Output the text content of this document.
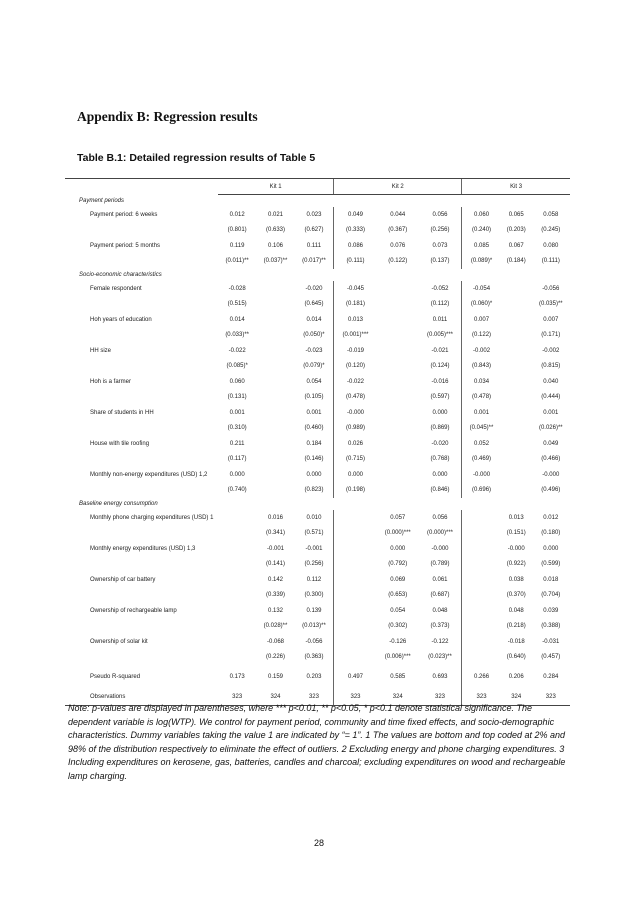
Appendix B: Regression results
Table B.1: Detailed regression results of Table 5
	Kit 1			Kit 2			Kit 3		
Payment periods									
Payment period: 6 weeks	0.012	0.021	0.023	0.049	0.044	0.056	0.060	0.065	0.058
	(0.801)	(0.633)	(0.627)	(0.333)	(0.367)	(0.256)	(0.240)	(0.203)	(0.245)
Payment period: 5 months	0.119	0.106	0.111	0.086	0.076	0.073	0.085	0.067	0.080
	(0.011)**	(0.037)**	(0.017)**	(0.111)	(0.122)	(0.137)	(0.089)*	(0.184)	(0.111)
Socio-economic characteristics									
Female respondent	-0.028		-0.020	-0.045		-0.052	-0.054		-0.056
	(0.515)		(0.645)	(0.181)		(0.112)	(0.060)*		(0.035)**
Hoh years of education	0.014		0.014	0.013		0.011	0.007		0.007
	(0.033)**		(0.050)*	(0.001)***		(0.005)***	(0.122)		(0.171)
HH size	-0.022		-0.023	-0.019		-0.021	-0.002		-0.002
	(0.085)*		(0.079)*	(0.120)		(0.124)	(0.843)		(0.815)
Hoh is a farmer	0.060		0.054	-0.022		-0.016	0.034		0.040
	(0.131)		(0.105)	(0.478)		(0.597)	(0.478)		(0.444)
Share of students in HH	0.001		0.001	-0.000		0.000	0.001		0.001
	(0.310)		(0.460)	(0.989)		(0.869)	(0.045)**		(0.026)**
House with tile roofing	0.211		0.184	0.026		-0.020	0.052		0.049
	(0.117)		(0.146)	(0.715)		(0.768)	(0.469)		(0.466)
Monthly non-energy expenditures (USD) 1,2	0.000		0.000	0.000		0.000	-0.000		-0.000
	(0.740)		(0.823)	(0.198)		(0.846)	(0.696)		(0.496)
Baseline energy consumption									
Monthly phone charging expenditures (USD) 1		0.016	0.010		0.057	0.056		0.013	0.012
		(0.341)	(0.571)		(0.000)***	(0.000)***		(0.151)	(0.180)
Monthly energy expenditures (USD) 1,3		-0.001	-0.001		0.000	-0.000		-0.000	0.000
		(0.141)	(0.256)		(0.792)	(0.789)		(0.922)	(0.599)
Ownership of car battery		0.142	0.112		0.069	0.061		0.038	0.018
		(0.339)	(0.300)		(0.653)	(0.687)		(0.370)	(0.704)
Ownership of rechargeable lamp		0.132	0.139		0.054	0.048		0.048	0.039
		(0.028)**	(0.013)**		(0.302)	(0.373)		(0.218)	(0.388)
Ownership of solar kit		-0.068	-0.056		-0.126	-0.122		-0.018	-0.031
		(0.226)	(0.363)		(0.006)***	(0.023)**		(0.640)	(0.457)
Pseudo R-squared	0.173	0.159	0.203	0.497	0.585	0.693	0.266	0.206	0.284
Observations	323	324	323	323	324	323	323	324	323
Note: p-values are displayed in parentheses, where *** p<0.01, ** p<0.05, * p<0.1 denote statistical significance. The dependent variable is log(WTP). We control for payment period, community and time fixed effects, and socio-demographic characteristics. Dummy variables taking the value 1 are indicated by “= 1”. 1 The values are bottom and top coded at 2% and 98% of the distribution respectively to eliminate the effect of outliers. 2 Excluding energy and phone charging expenditures. 3 Including expenditures on kerosene, gas, batteries, candles and charcoal; excluding expenditures on wood and rechargeable lamp charging.
28
